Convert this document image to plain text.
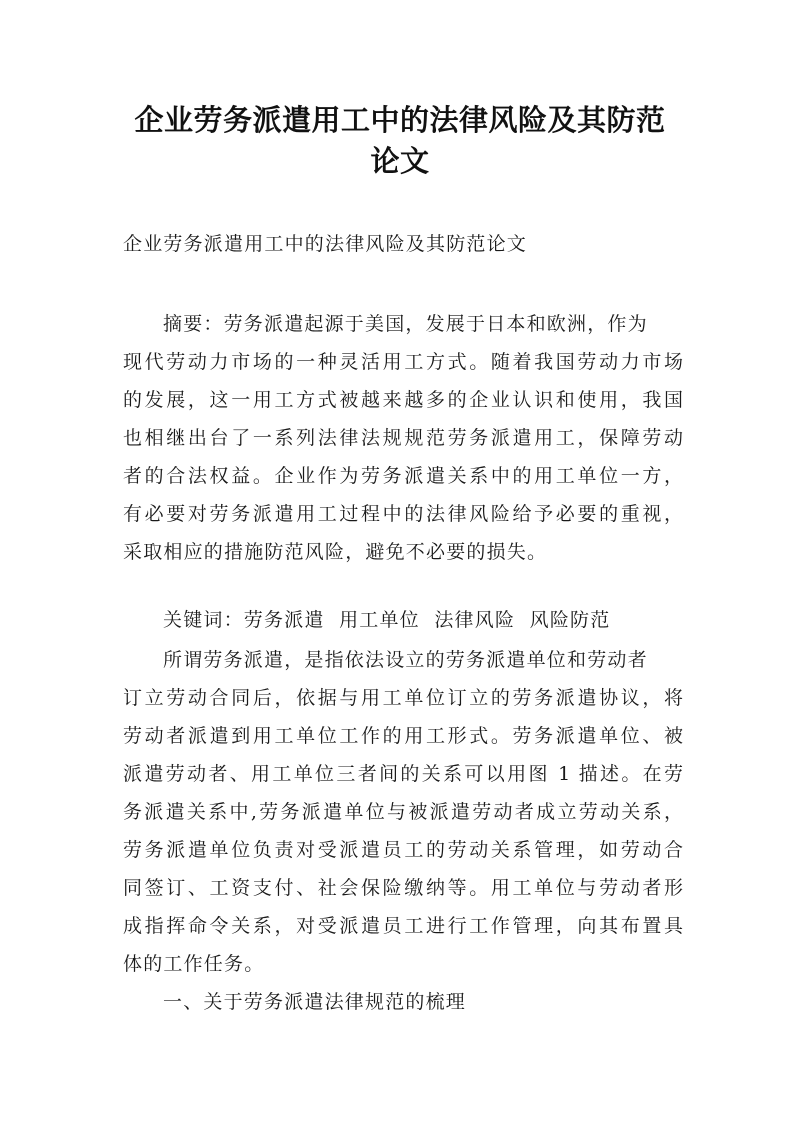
企业劳务派遣用工中的法律风险及其防范
论文
企业劳务派遣用工中的法律风险及其防范论文
摘要：劳务派遣起源于美国，发展于日本和欧洲，作为
现代劳动力市场的一种灵活用工方式。随着我国劳动力市场
的发展，这一用工方式被越来越多的企业认识和使用，我国
也相继出台了一系列法律法规规范劳务派遣用工，保障劳动
者的合法权益。企业作为劳务派遣关系中的用工单位一方，
有必要对劳务派遣用工过程中的法律风险给予必要的重视，
采取相应的措施防范风险，避免不必要的损失。
关键词：劳务派遣  用工单位  法律风险  风险防范
所谓劳务派遣，是指依法设立的劳务派遣单位和劳动者
订立劳动合同后，依据与用工单位订立的劳务派遣协议，将
劳动者派遣到用工单位工作的用工形式。劳务派遣单位、被
派遣劳动者、用工单位三者间的关系可以用图 1 描述。在劳
务派遣关系中,劳务派遣单位与被派遣劳动者成立劳动关系，
劳务派遣单位负责对受派遣员工的劳动关系管理，如劳动合
同签订、工资支付、社会保险缴纳等。用工单位与劳动者形
成指挥命令关系，对受派遣员工进行工作管理，向其布置具
体的工作任务。
一、关于劳务派遣法律规范的梳理
